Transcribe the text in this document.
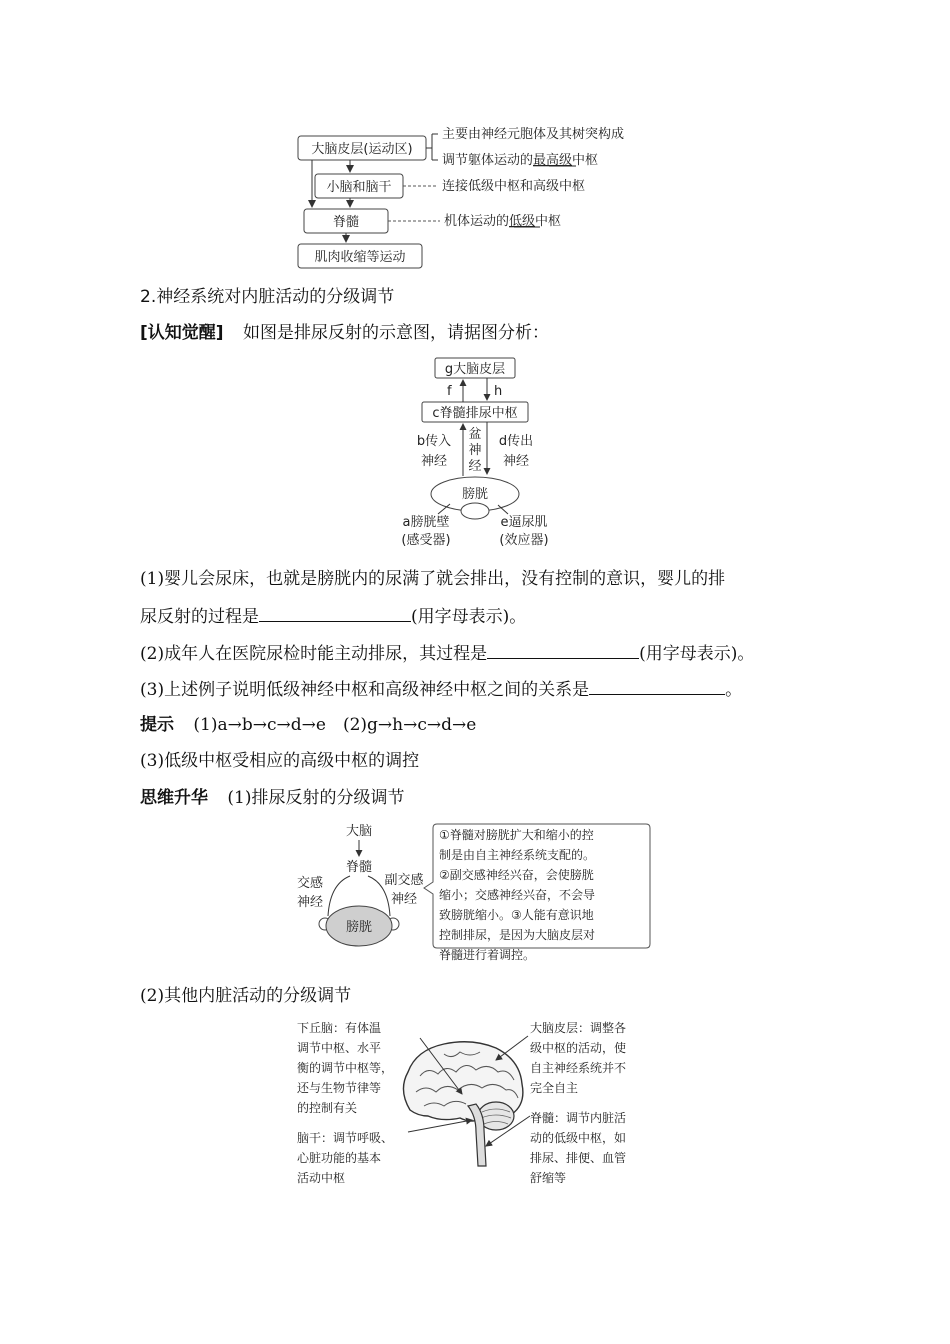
大脑皮层(运动区)
小脑和脑干
脊髓
肌肉收缩等运动
主要由神经元胞体及其树突构成
调节躯体运动的最高级中枢
连接低级中枢和高级中枢
机体运动的低级中枢
2.神经系统对内脏活动的分级调节
[认知觉醒] 如图是排尿反射的示意图，请据图分析：
g大脑皮层
f	h
c脊髓排尿中枢
b传入
神经
盆
神
经
d传出
神经
膀胱
a膀胱壁
(感受器)
e逼尿肌
(效应器)
(1)婴儿会尿床，也就是膀胱内的尿满了就会排出，没有控制的意识，婴儿的排
尿反射的过程是	(用字母表示)。
(2)成年人在医院尿检时能主动排尿，其过程是	(用字母表示)。
(3)上述例子说明低级神经中枢和高级神经中枢之间的关系是	。
提示 (1)a→b→c→d→e　(2)g→h→c→d→e
(3)低级中枢受相应的高级中枢的调控
思维升华 (1)排尿反射的分级调节
大脑
脊髓
交感
神经
副交感
神经
膀胱
①脊髓对膀胱扩大和缩小的控
制是由自主神经系统支配的。
②副交感神经兴奋，会使膀胱
缩小；交感神经兴奋，不会导
致膀胱缩小。③人能有意识地
控制排尿，是因为大脑皮层对
脊髓进行着调控。
(2)其他内脏活动的分级调节
下丘脑：有体温
调节中枢、水平
衡的调节中枢等，
还与生物节律等
的控制有关
脑干：调节呼吸、
心脏功能的基本
活动中枢
大脑皮层：调整各
级中枢的活动，使
自主神经系统并不
完全自主
脊髓：调节内脏活
动的低级中枢，如
排尿、排便、血管
舒缩等
